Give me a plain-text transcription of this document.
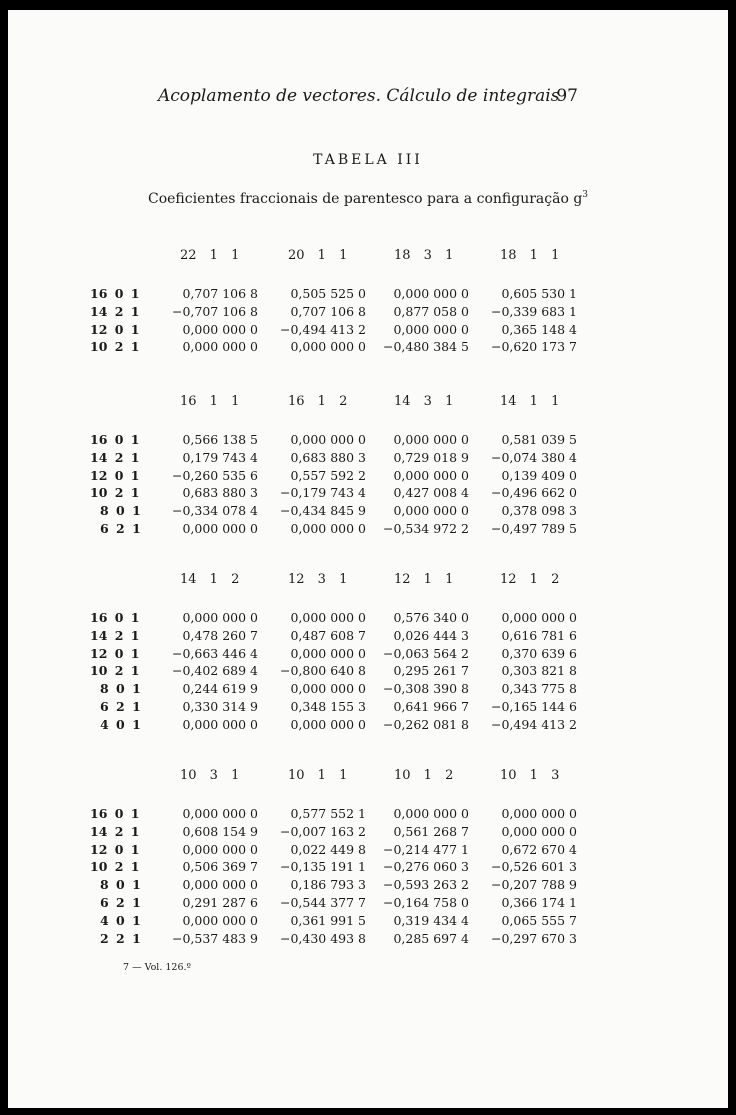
Acoplamento de vectores. Cálculo de integrais
97
TABELA III
Coeficientes fraccionais de parentesco para a configuração $g^3$
22 1 1	20 1 1	18 3 1	18 1 1
16 0 1	0,707 106 8	0,505 525 0	0,000 000 0	0,605 530 1
14 2 1	−0,707 106 8	0,707 106 8	0,877 058 0	−0,339 683 1
12 0 1	0,000 000 0	−0,494 413 2	0,000 000 0	0,365 148 4
10 2 1	0,000 000 0	0,000 000 0	−0,480 384 5	−0,620 173 7
16 1 1	16 1 2	14 3 1	14 1 1
16 0 1	0,566 138 5	0,000 000 0	0,000 000 0	0,581 039 5
14 2 1	0,179 743 4	0,683 880 3	0,729 018 9	−0,074 380 4
12 0 1	−0,260 535 6	0,557 592 2	0,000 000 0	0,139 409 0
10 2 1	0,683 880 3	−0,179 743 4	0,427 008 4	−0,496 662 0
8 0 1	−0,334 078 4	−0,434 845 9	0,000 000 0	0,378 098 3
6 2 1	0,000 000 0	0,000 000 0	−0,534 972 2	−0,497 789 5
14 1 2	12 3 1	12 1 1	12 1 2
16 0 1	0,000 000 0	0,000 000 0	0,576 340 0	0,000 000 0
14 2 1	0,478 260 7	0,487 608 7	0,026 444 3	0,616 781 6
12 0 1	−0,663 446 4	0,000 000 0	−0,063 564 2	0,370 639 6
10 2 1	−0,402 689 4	−0,800 640 8	0,295 261 7	0,303 821 8
8 0 1	0,244 619 9	0,000 000 0	−0,308 390 8	0,343 775 8
6 2 1	0,330 314 9	0,348 155 3	0,641 966 7	−0,165 144 6
4 0 1	0,000 000 0	0,000 000 0	−0,262 081 8	−0,494 413 2
10 3 1	10 1 1	10 1 2	10 1 3
16 0 1	0,000 000 0	0,577 552 1	0,000 000 0	0,000 000 0
14 2 1	0,608 154 9	−0,007 163 2	0,561 268 7	0,000 000 0
12 0 1	0,000 000 0	0,022 449 8	−0,214 477 1	0,672 670 4
10 2 1	0,506 369 7	−0,135 191 1	−0,276 060 3	−0,526 601 3
8 0 1	0,000 000 0	0,186 793 3	−0,593 263 2	−0,207 788 9
6 2 1	0,291 287 6	−0,544 377 7	−0,164 758 0	0,366 174 1
4 0 1	0,000 000 0	0,361 991 5	0,319 434 4	0,065 555 7
2 2 1	−0,537 483 9	−0,430 493 8	0,285 697 4	−0,297 670 3
7 — Vol. 126.º
